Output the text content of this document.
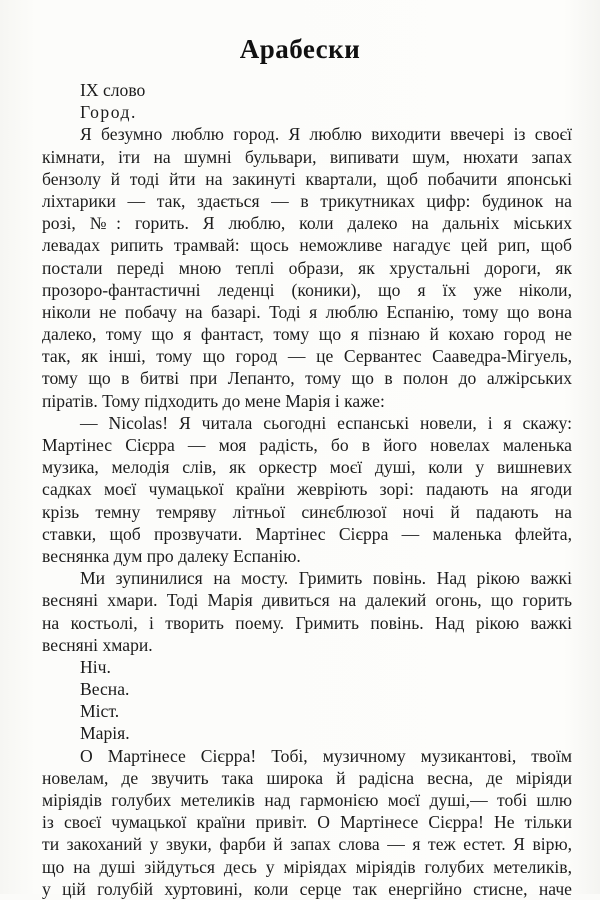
Арабески
IX слово
Город.
Я безумно люблю город. Я люблю виходити ввечері із своєї
кімнати, іти на шумні бульвари, випивати шум, нюхати запах
бензолу й тоді йти на закинуті квартали, щоб побачити японські
ліхтарики — так, здається — в трикутниках цифр: будинок на
розі, №: горить. Я люблю, коли далеко на дальніх міських
левадах рипить трамвай: щось неможливе нагадує цей рип, щоб
постали переді мною теплі образи, як хрустальні дороги, як
прозоро-фантастичні леденці (коники), що я їх уже ніколи,
ніколи не побачу на базарі. Тоді я люблю Еспанію, тому що вона
далеко, тому що я фантаст, тому що я пізнаю й кохаю город не
так, як інші, тому що город — це Сервантес Сааведра-Мігуель,
тому що в битві при Лепанто, тому що в полон до алжірських
піратів. Тому підходить до мене Марія і каже:
— Nicolas! Я читала сьогодні еспанські новели, і я скажу:
Мартінес Сієрра — моя радість, бо в його новелах маленька
музика, мелодія слів, як оркестр моєї душі, коли у вишневих
садках моєї чумацької країни жевріють зорі: падають на ягоди
крізь темну темряву літньої синєблюзої ночі й падають на
ставки, щоб прозвучати. Мартінес Сієрра — маленька флейта,
веснянка дум про далеку Еспанію.
Ми зупинилися на мосту. Гримить повінь. Над рікою важкі
весняні хмари. Тоді Марія дивиться на далекий огонь, що горить
на костьолі, і творить поему. Гримить повінь. Над рікою важкі
весняні хмари.
Ніч.
Весна.
Міст.
Марія.
О Мартінесе Сієрра! Тобі, музичному музикантові, твоїм
новелам, де звучить така широка й радісна весна, де міріяди
міріядів голубих метеликів над гармонією моєї душі,— тобі шлю
із своєї чумацької країни привіт. О Мартінесе Сієрра! Не тільки
ти закоханий у звуки, фарби й запах слова — я теж естет. Я вірю,
що на душі зійдуться десь у міріядах міріядів голубих метеликів,
у цій голубій хуртовині, коли серце так енергійно стисне, наче
